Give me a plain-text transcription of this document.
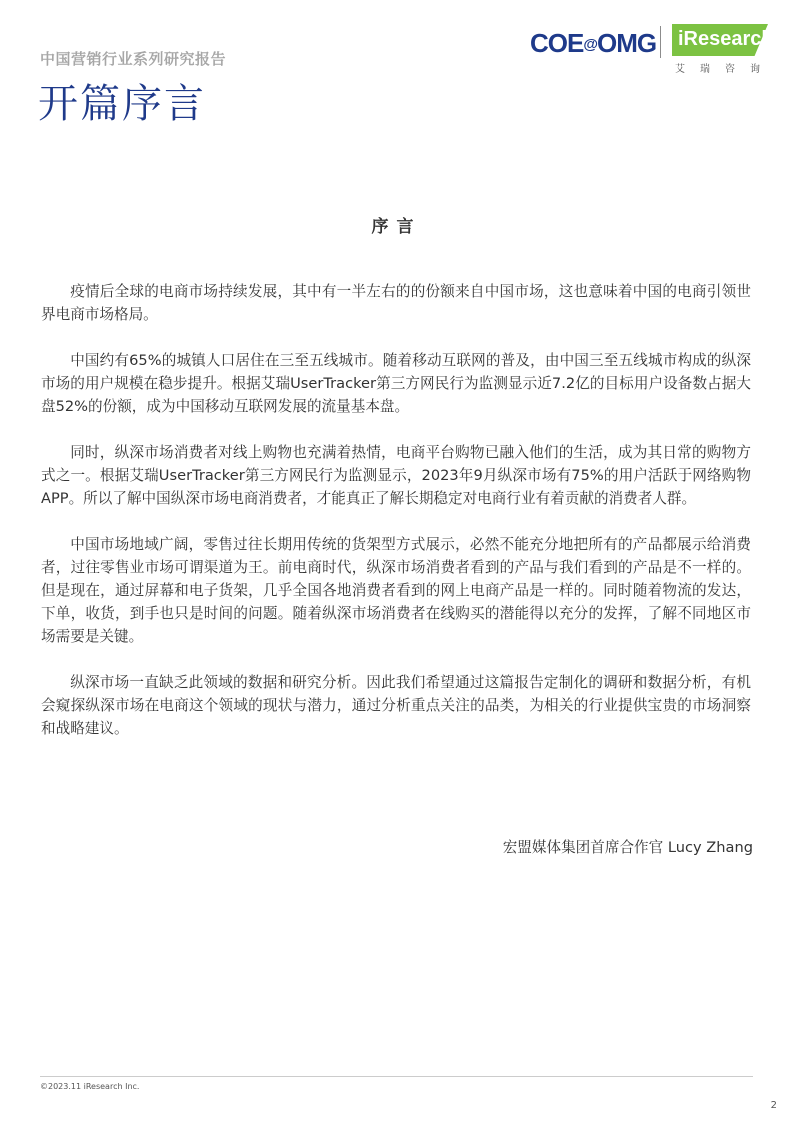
中国营销行业系列研究报告
开篇序言
COE@OMG iResearch
艾瑞咨询
序言

疫情后全球的电商市场持续发展，其中有一半左右的的份额来自中国市场，这也意味着中国的电商引领世界电商市场格局。

中国约有65%的城镇人口居住在三至五线城市。随着移动互联网的普及，由中国三至五线城市构成的纵深市场的用户规模在稳步提升。根据艾瑞UserTracker第三方网民行为监测显示近7.2亿的目标用户设备数占据大盘52%的份额，成为中国移动互联网发展的流量基本盘。

同时，纵深市场消费者对线上购物也充满着热情，电商平台购物已融入他们的生活，成为其日常的购物方式之一。根据艾瑞UserTracker第三方网民行为监测显示，2023年9月纵深市场有75%的用户活跃于网络购物APP。所以了解中国纵深市场电商消费者，才能真正了解长期稳定对电商行业有着贡献的消费者人群。

中国市场地域广阔，零售过往长期用传统的货架型方式展示，必然不能充分地把所有的产品都展示给消费者，过往零售业市场可谓渠道为王。前电商时代，纵深市场消费者看到的产品与我们看到的产品是不一样的。但是现在，通过屏幕和电子货架，几乎全国各地消费者看到的网上电商产品是一样的。同时随着物流的发达，下单，收货，到手也只是时间的问题。随着纵深市场消费者在线购买的潜能得以充分的发挥，了解不同地区市场需要是关键。

纵深市场一直缺乏此领域的数据和研究分析。因此我们希望通过这篇报告定制化的调研和数据分析，有机会窥探纵深市场在电商这个领域的现状与潜力，通过分析重点关注的品类，为相关的行业提供宝贵的市场洞察和战略建议。

宏盟媒体集团首席合作官 Lucy Zhang
©2023.11 iResearch Inc.
2
